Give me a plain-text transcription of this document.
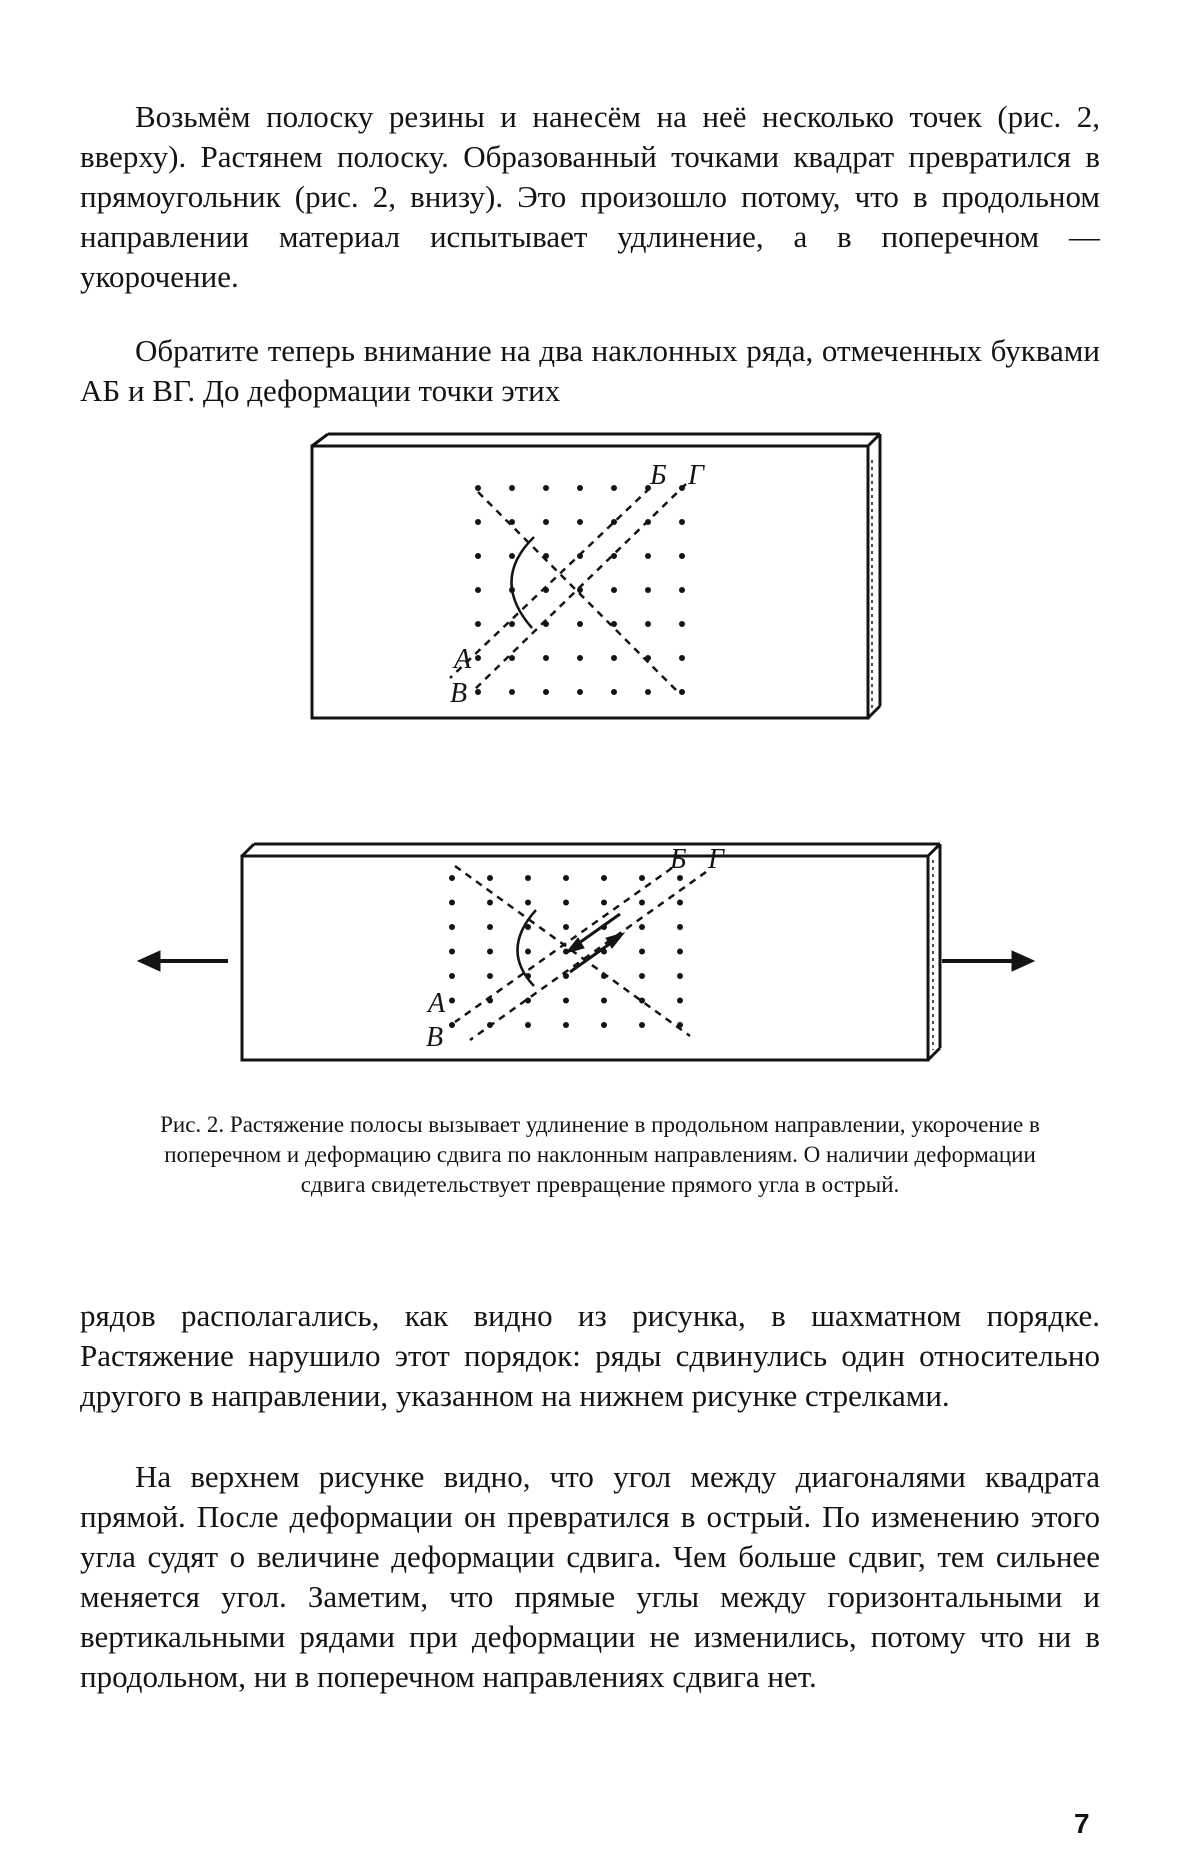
Возьмём полоску резины и нанесём на неё несколько точек (рис. 2, вверху). Растянем полоску. Образованный точками квадрат превратился в прямоугольник (рис. 2, внизу). Это произошло потому, что в продольном направлении материал испытывает удлинение, а в поперечном — укорочение.

Обратите теперь внимание на два наклонных ряда, отмеченных буквами АБ и ВГ. До деформации точки этих

А
В
Б Г
А
В
Б Г

Рис. 2. Растяжение полосы вызывает удлинение в продольном направлении, укорочение в поперечном и деформацию сдвига по наклонным направлениям. О наличии деформации сдвига свидетельствует превращение прямого угла в острый.

рядов располагались, как видно из рисунка, в шахматном порядке. Растяжение нарушило этот порядок: ряды сдвинулись один относительно другого в направлении, указанном на нижнем рисунке стрелками.

На верхнем рисунке видно, что угол между диагоналями квадрата прямой. После деформации он превратился в острый. По изменению этого угла судят о величине деформации сдвига. Чем больше сдвиг, тем сильнее меняется угол. Заметим, что прямые углы между горизонтальными и вертикальными рядами при деформации не изменились, потому что ни в продольном, ни в поперечном направлениях сдвига нет.

7
